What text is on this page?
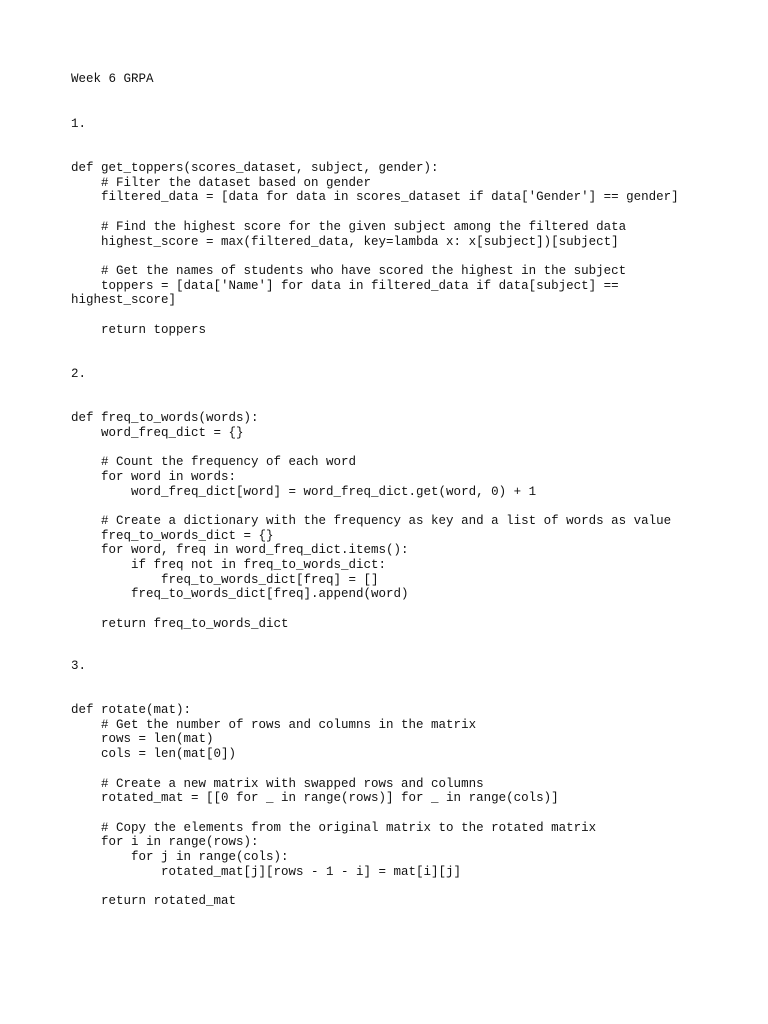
Week 6 GRPA
1.
def get_toppers(scores_dataset, subject, gender):
# Filter the dataset based on gender
filtered_data = [data for data in scores_dataset if data['Gender'] == gender]

# Find the highest score for the given subject among the filtered data
highest_score = max(filtered_data, key=lambda x: x[subject])[subject]

# Get the names of students who have scored the highest in the subject
toppers = [data['Name'] for data in filtered_data if data[subject] ==
highest_score]

return toppers
2.
def freq_to_words(words):
word_freq_dict = {}

# Count the frequency of each word
for word in words:
word_freq_dict[word] = word_freq_dict.get(word, 0) + 1

# Create a dictionary with the frequency as key and a list of words as value
freq_to_words_dict = {}
for word, freq in word_freq_dict.items():
if freq not in freq_to_words_dict:
freq_to_words_dict[freq] = []
freq_to_words_dict[freq].append(word)

return freq_to_words_dict
3.
def rotate(mat):
# Get the number of rows and columns in the matrix
rows = len(mat)
cols = len(mat[0])

# Create a new matrix with swapped rows and columns
rotated_mat = [[0 for _ in range(rows)] for _ in range(cols)]

# Copy the elements from the original matrix to the rotated matrix
for i in range(rows):
for j in range(cols):
rotated_mat[j][rows - 1 - i] = mat[i][j]

return rotated_mat
